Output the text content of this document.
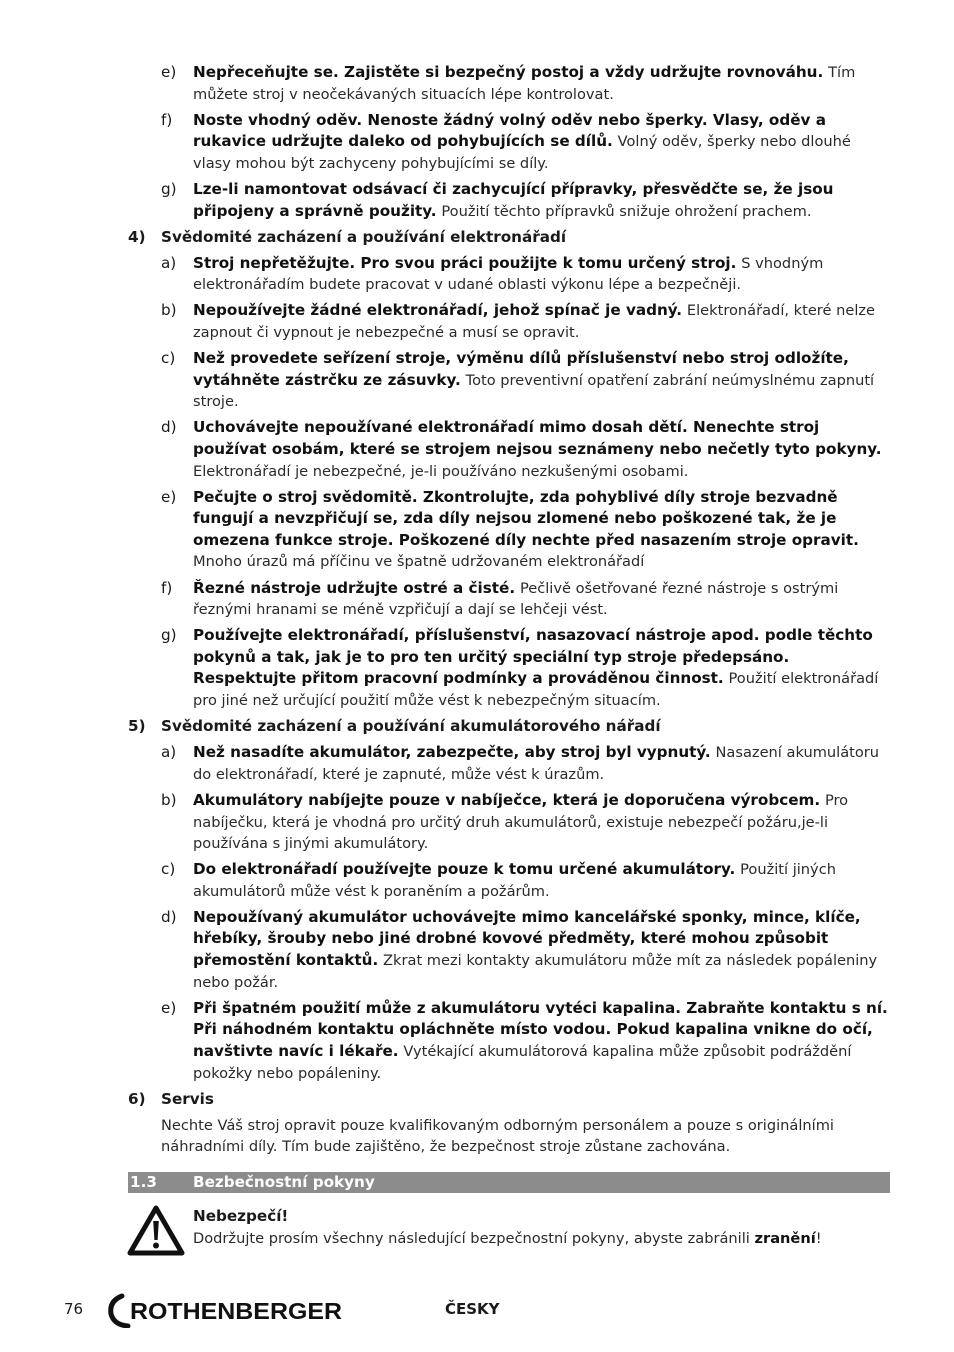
e) Nepřeceňujte se. Zajistěte si bezpečný postoj a vždy udržujte rovnováhu. Tím můžete stroj v neočekávaných situacích lépe kontrolovat.
f) Noste vhodný oděv. Nenoste žádný volný oděv nebo šperky. Vlasy, oděv a rukavice udržujte daleko od pohybujících se dílů. Volný oděv, šperky nebo dlouhé vlasy mohou být zachyceny pohybujícími se díly.
g) Lze-li namontovat odsávací či zachycující přípravky, přesvědčte se, že jsou připojeny a správně použity. Použití těchto přípravků snižuje ohrožení prachem.
4) Svědomité zacházení a používání elektronářadí
a) Stroj nepřetěžujte. Pro svou práci použijte k tomu určený stroj. S vhodným elektronářadím budete pracovat v udané oblasti výkonu lépe a bezpečněji.
b) Nepoužívejte žádné elektronářadí, jehož spínač je vadný. Elektronářadí, které nelze zapnout či vypnout je nebezpečné a musí se opravit.
c) Než provedete seřízení stroje, výměnu dílů příslušenství nebo stroj odložíte, vytáhněte zástrčku ze zásuvky. Toto preventivní opatření zabrání neúmyslnému zapnutí stroje.
d) Uchovávejte nepoužívané elektronářadí mimo dosah dětí. Nenechte stroj používat osobám, které se strojem nejsou seznámeny nebo nečetly tyto pokyny. Elektronářadí je nebezpečné, je-li používáno nezkušenými osobami.
e) Pečujte o stroj svědomitě. Zkontrolujte, zda pohyblivé díly stroje bezvadně fungují a nevzpřičují se, zda díly nejsou zlomené nebo poškozené tak, že je omezena funkce stroje. Poškozené díly nechte před nasazením stroje opravit. Mnoho úrazů má příčinu ve špatně udržovaném elektronářadí
f) Řezné nástroje udržujte ostré a čisté. Pečlivě ošetřované řezné nástroje s ostrými řeznými hranami se méně vzpřičují a dají se lehčeji vést.
g) Používejte elektronářadí, příslušenství, nasazovací nástroje apod. podle těchto pokynů a tak, jak je to pro ten určitý speciální typ stroje předepsáno. Respektujte přitom pracovní podmínky a prováděnou činnost. Použití elektronářadí pro jiné než určující použití může vést k nebezpečným situacím.
5) Svědomité zacházení a používání akumulátorového nářadí
a) Než nasadíte akumulátor, zabezpečte, aby stroj byl vypnutý. Nasazení akumulátoru do elektronářadí, které je zapnuté, může vést k úrazům.
b) Akumulátory nabíjejte pouze v nabíječce, která je doporučena výrobcem. Pro nabíječku, která je vhodná pro určitý druh akumulátorů, existuje nebezpečí požáru,je-li používána s jinými akumulátory.
c) Do elektronářadí používejte pouze k tomu určené akumulátory. Použití jiných akumulátorů může vést k poraněním a požárům.
d) Nepoužívaný akumulátor uchovávejte mimo kancelářské sponky, mince, klíče, hřebíky, šrouby nebo jiné drobné kovové předměty, které mohou způsobit přemostění kontaktů. Zkrat mezi kontakty akumulátoru může mít za následek popáleniny nebo požár.
e) Při špatném použití může z akumulátoru vytéci kapalina. Zabraňte kontaktu s ní. Při náhodném kontaktu opláchněte místo vodou. Pokud kapalina vnikne do očí, navštivte navíc i lékaře. Vytékající akumulátorová kapalina může způsobit podráždění pokožky nebo popáleniny.
6) Servis
Nechte Váš stroj opravit pouze kvalifikovaným odborným personálem a pouze s originálními náhradními díly. Tím bude zajištěno, že bezpečnost stroje zůstane zachována.
1.3 Bezbečnostní pokyny
Nebezpečí!
Dodržujte prosím všechny následující bezpečnostní pokyny, abyste zabránili zranění!
76 ROTHENBERGER	ČESKY
